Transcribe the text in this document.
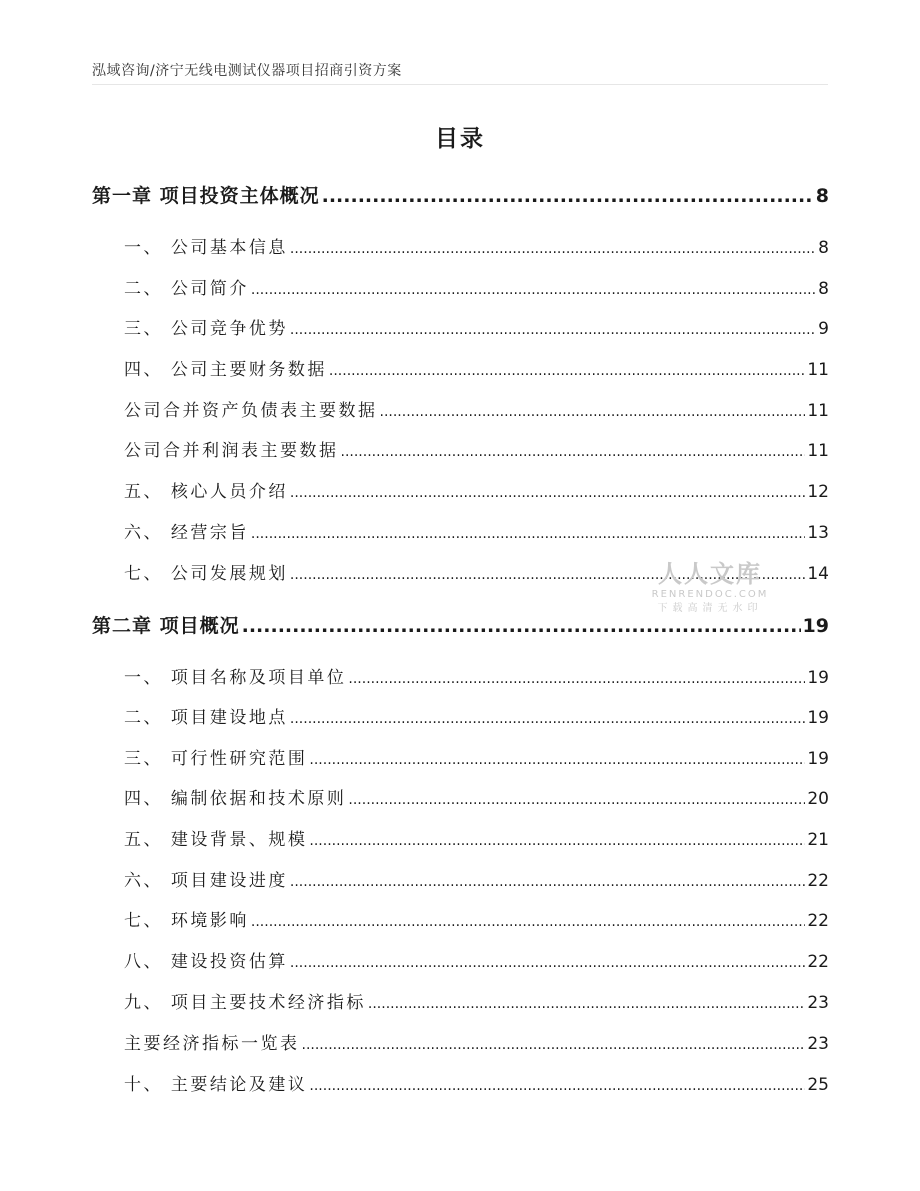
泓域咨询/济宁无线电测试仪器项目招商引资方案
目录
第一章 项目投资主体概况 .....	8
一、 公司基本信息 .....	8
二、 公司简介 .....	8
三、 公司竞争优势 .....	9
四、 公司主要财务数据 .....	11
公司合并资产负债表主要数据 .....	11
公司合并利润表主要数据 .....	11
五、 核心人员介绍 .....	12
六、 经营宗旨 .....	13
七、 公司发展规划 .....	14
第二章 项目概况 .....	19
一、 项目名称及项目单位 .....	19
二、 项目建设地点 .....	19
三、 可行性研究范围 .....	19
四、 编制依据和技术原则 .....	20
五、 建设背景、规模 .....	21
六、 项目建设进度 .....	22
七、 环境影响 .....	22
八、 建设投资估算 .....	22
九、 项目主要技术经济指标 .....	23
主要经济指标一览表 .....	23
十、 主要结论及建议 .....	25
人人文库
RENRENDOC.COM
下载高清无水印
